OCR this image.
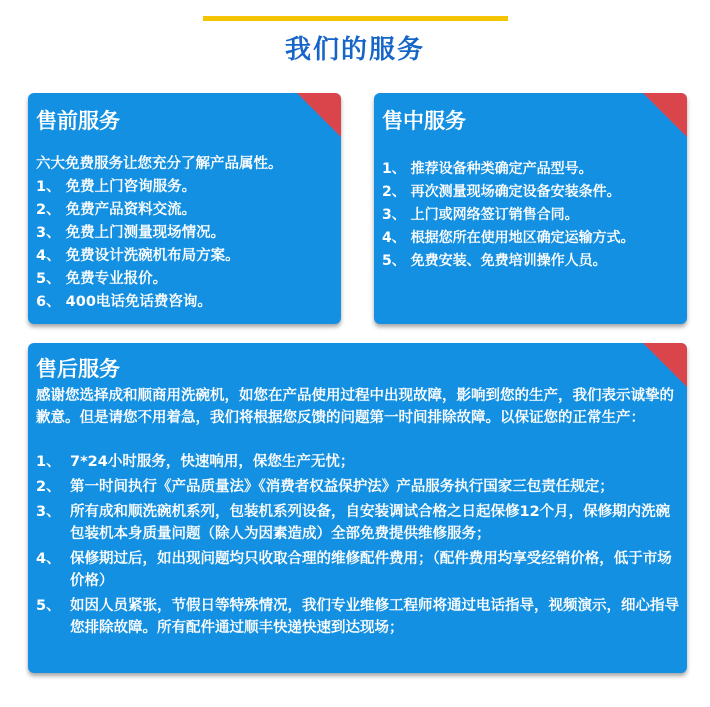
我们的服务
售前服务
六大免费服务让您充分了解产品属性。
1、 免费上门咨询服务。
2、 免费产品资料交流。
3、 免费上门测量现场情况。
4、 免费设计洗碗机布局方案。
5、 免费专业报价。
6、 400电话免话费咨询。
售中服务
1、 推荐设备种类确定产品型号。
2、 再次测量现场确定设备安装条件。
3、 上门或网络签订销售合同。
4、 根据您所在使用地区确定运输方式。
5、 免费安装、免费培训操作人员。
售后服务

感谢您选择成和顺商用洗碗机，如您在产品使用过程中出现故障，影响到您的生产，我们表示诚挚的歉意。但是请您不用着急，我们将根据您反馈的问题第一时间排除故障。以保证您的正常生产：

1、 7*24小时服务，快速响用，保您生产无忧；
2、 第一时间执行《产品质量法》《消费者权益保护法》产品服务执行国家三包责任规定；
3、 所有成和顺洗碗机系列，包装机系列设备，自安装调试合格之日起保修12个月，保修期内洗碗包装机本身质量问题（除人为因素造成）全部免费提供维修服务；
4、 保修期过后，如出现问题均只收取合理的维修配件费用；（配件费用均享受经销价格，低于市场价格）
5、 如因人员紧张，节假日等特殊情况，我们专业维修工程师将通过电话指导，视频演示，细心指导您排除故障。所有配件通过顺丰快递快速到达现场；
